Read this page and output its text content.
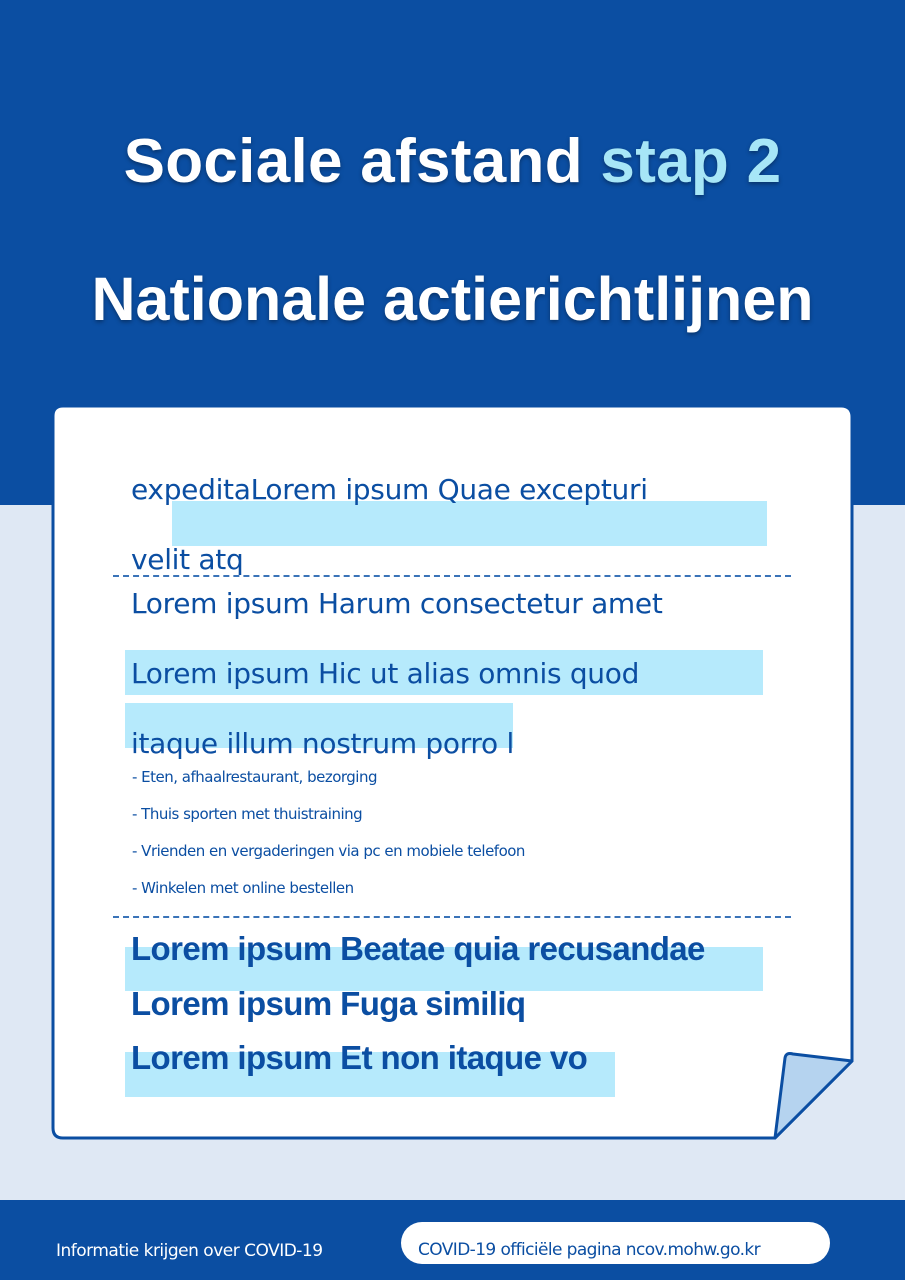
Sociale afstand stap 2
Nationale actierichtlijnen
expeditaLorem ipsum Quae excepturi
velit atq
Lorem ipsum Harum consectetur amet
Lorem ipsum Hic ut alias omnis quod
itaque illum nostrum porro l
- Eten, afhaalrestaurant, bezorging
- Thuis sporten met thuistraining
- Vrienden en vergaderingen via pc en mobiele telefoon
- Winkelen met online bestellen
Lorem ipsum Beatae quia recusandae
Lorem ipsum Fuga similiq
Lorem ipsum Et non itaque vo
Informatie krijgen over COVID-19	COVID-19 officiële pagina ncov.mohw.go.kr
